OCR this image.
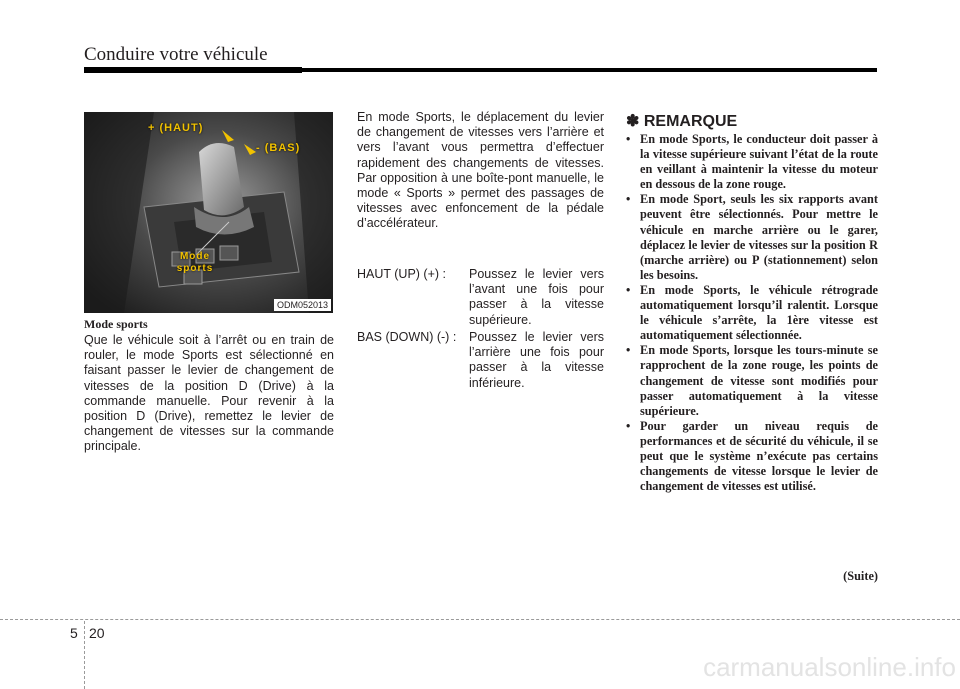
Conduire votre véhicule
+ (HAUT)
- (BAS)
Mode sports
ODM052013
Mode sports
Que le véhicule soit à l’arrêt ou en train de rouler, le mode Sports est sélectionné en faisant passer le levier de changement de vitesses de la position D (Drive) à la commande manuelle. Pour revenir à la position D (Drive), remettez le levier de changement de vitesses sur la commande principale.
En mode Sports, le déplacement du levier de changement de vitesses vers l’arrière et vers l’avant vous permettra d’effectuer rapidement des changements de vitesses. Par opposition à une boîte-pont manuelle, le mode « Sports » permet des passages de vitesses avec enfoncement de la pédale d’accélérateur.
HAUT (UP) (+) : Poussez le levier vers l’avant une fois pour passer à la vitesse supérieure.
BAS (DOWN) (-) : Poussez le levier vers l’arrière une fois pour passer à la vitesse inférieure.
✽ REMARQUE
• En mode Sports, le conducteur doit passer à la vitesse supérieure suivant l’état de la route en veillant à maintenir la vitesse du moteur en dessous de la zone rouge.
• En mode Sport, seuls les six rapports avant peuvent être sélectionnés. Pour mettre le véhicule en marche arrière ou le garer, déplacez le levier de vitesses sur la position R (marche arrière) ou P (stationnement) selon les besoins.
• En mode Sports, le véhicule rétrograde automatiquement lorsqu’il ralentit. Lorsque le véhicule s’arrête, la 1ère vitesse est automatiquement sélectionnée.
• En mode Sports, lorsque les tours-minute se rapprochent de la zone rouge, les points de changement de vitesse sont modifiés pour passer automatiquement à la vitesse supérieure.
• Pour garder un niveau requis de performances et de sécurité du véhicule, il se peut que le système n’exécute pas certains changements de vitesse lorsque le levier de changement de vitesses est utilisé.
(Suite)
5 20
carmanualsonline.info
